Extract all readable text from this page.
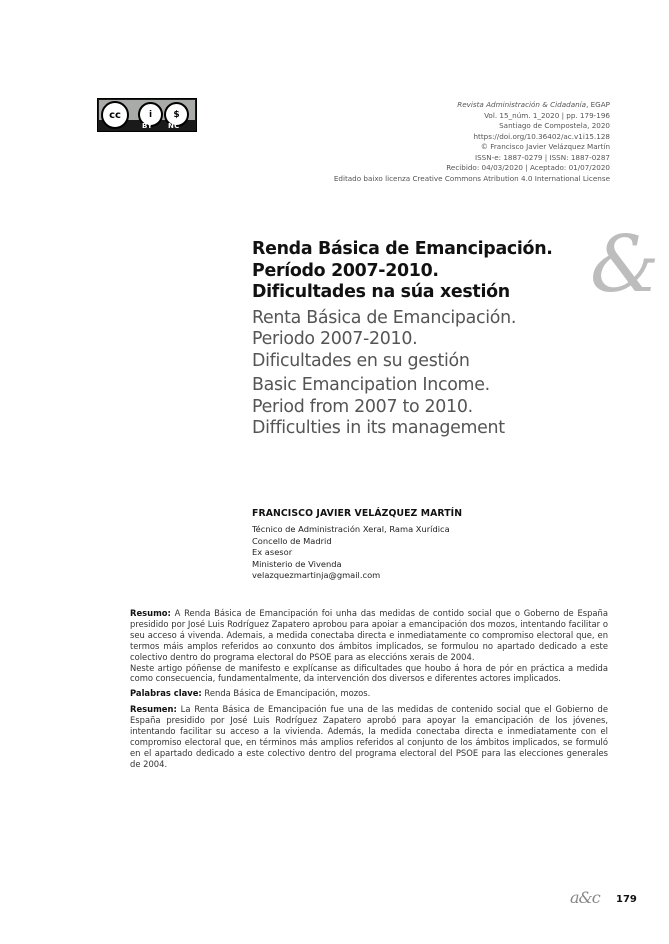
cc	i $
BY NC
Revista Administración & Cidadanía, EGAP
Vol. 15_núm. 1_2020 | pp. 179-196
Santiago de Compostela, 2020
https://doi.org/10.36402/ac.v1i15.128
© Francisco Javier Velázquez Martín
ISSN-e: 1887-0279 | ISSN: 1887-0287
Recibido: 04/03/2020 | Aceptado: 01/07/2020
Editado baixo licenza Creative Commons Atribution 4.0 International License
&
Renda Básica de Emancipación.
Período 2007-2010.
Dificultades na súa xestión
Renta Básica de Emancipación.
Periodo 2007-2010.
Dificultades en su gestión
Basic Emancipation Income.
Period from 2007 to 2010.
Difficulties in its management
FRANCISCO JAVIER VELÁZQUEZ MARTÍN
Técnico de Administración Xeral, Rama Xurídica
Concello de Madrid
Ex asesor
Ministerio de Vivenda
velazquezmartinja@gmail.com

Resumo: A Renda Básica de Emancipación foi unha das medidas de contido social que o Goberno de España presidido por José Luis Rodríguez Zapatero aprobou para apoiar a emancipación dos mozos, intentando facilitar o seu acceso á vivenda. Ademais, a medida conectaba directa e inmediatamente co compromiso electoral que, en termos máis amplos referidos ao conxunto dos ámbitos implicados, se formulou no apartado dedicado a este colectivo dentro do programa electoral do PSOE para as eleccións xerais de 2004.

Neste artigo póñense de manifesto e explícanse as dificultades que houbo á hora de pór en práctica a medida como consecuencia, fundamentalmente, da intervención dos diversos e diferentes actores implicados.

Palabras clave: Renda Básica de Emancipación, mozos.

Resumen: La Renta Básica de Emancipación fue una de las medidas de contenido social que el Gobierno de España presidido por José Luis Rodríguez Zapatero aprobó para apoyar la emancipación de los jóvenes, intentando facilitar su acceso a la vivienda. Además, la medida conectaba directa e inmediatamente con el compromiso electoral que, en términos más amplios referidos al conjunto de los ámbitos implicados, se formuló en el apartado dedicado a este colectivo dentro del programa electoral del PSOE para las elecciones generales de 2004.

a&c 179
